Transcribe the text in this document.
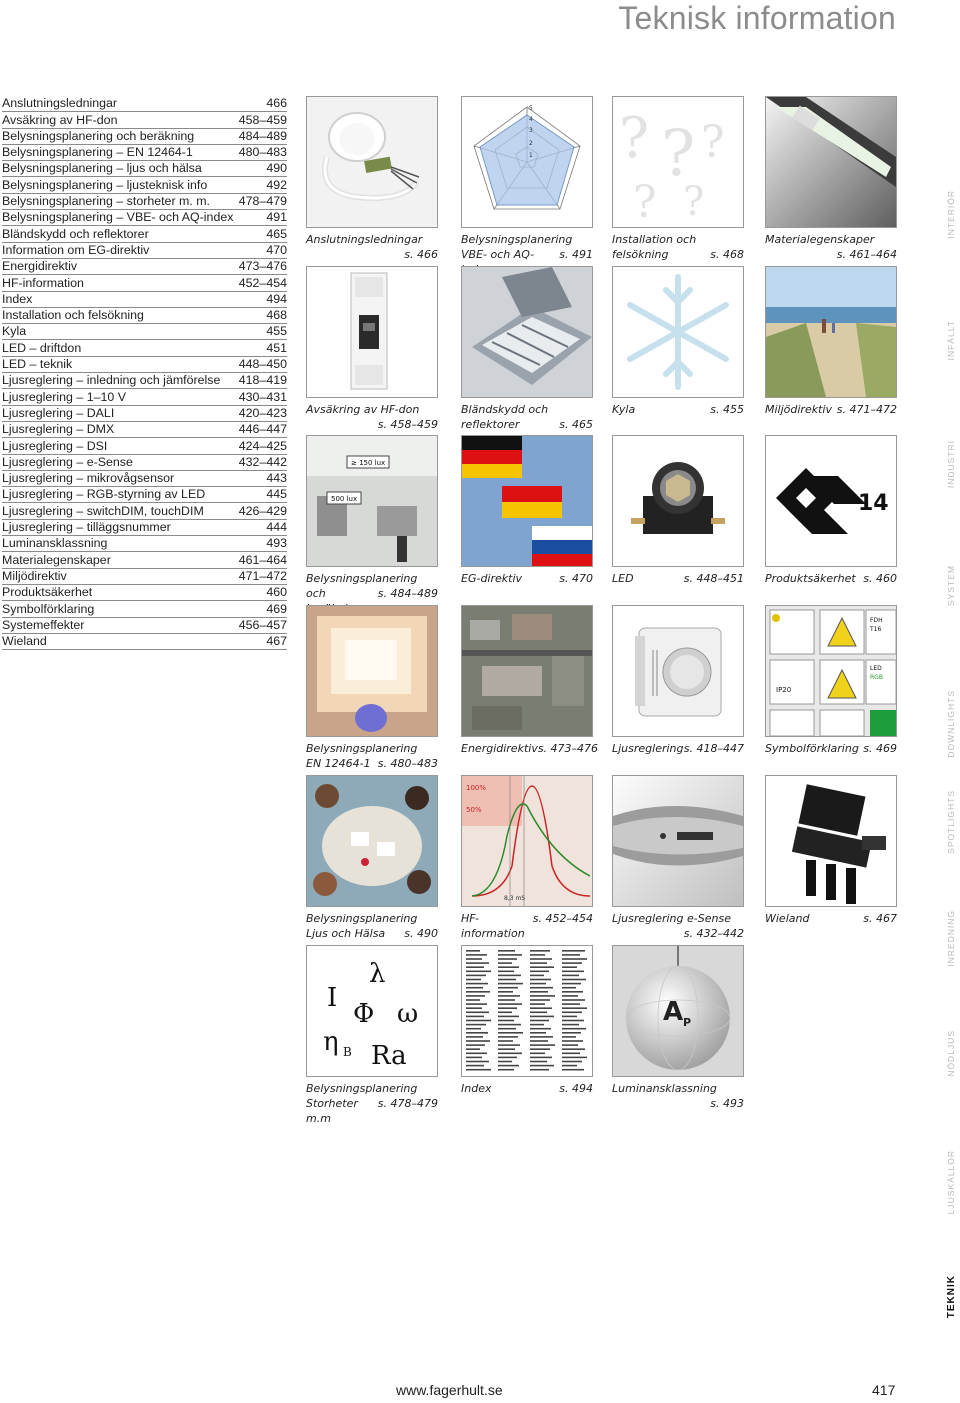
Teknisk information
Anslutningsledningar	466
Avsäkring av HF-don	458–459
Belysningsplanering och beräkning	484–489
Belysningsplanering – EN 12464-1	480–483
Belysningsplanering – ljus och hälsa	490
Belysningsplanering – ljusteknisk info	492
Belysningsplanering – storheter m. m.	478–479
Belysningsplanering – VBE- och AQ-index	491
Bländskydd och reflektorer	465
Information om EG-direktiv	470
Energidirektiv	473–476
HF-information	452–454
Index	494
Installation och felsökning	468
Kyla	455
LED – driftdon	451
LED – teknik	448–450
Ljusreglering – inledning och jämförelse	418–419
Ljusreglering – 1–10 V	430–431
Ljusreglering – DALI	420–423
Ljusreglering – DMX	446–447
Ljusreglering – DSI	424–425
Ljusreglering – e-Sense	432–442
Ljusreglering – mikrovågsensor	443
Ljusreglering – RGB-styrning av LED	445
Ljusreglering – switchDIM, touchDIM	426–429
Ljusreglering – tilläggsnummer	444
Luminansklassning	493
Materialegenskaper	461–464
Miljödirektiv	471–472
Produktsäkerhet	460
Symbolförklaring	469
Systemeffekter	456–457
Wieland	467
Anslutningsledningar
s. 466
5
4
3
2
1
Belysningsplanering
VBE- och AQ-	s. 491
? ? ?
? ?
Installation och
felsökning	s. 468
Materialegenskaper
s. 461–464
Avsäkring av HF-don
s. 458–459
Bländskydd och
reflektorer	s. 465
Kyla	s. 455 Miljödirektiv s. 471–472
≥ 150 lux
500 lux
Belysningsplanering
och	s. 484–489
EG-direktiv	s. 470 LED	s. 448–451
14
Produktsäkerhet s. 460
Belysningsplanering
EN 12464-1 s. 480–483
Energidirektiv s. 473–476 Ljusreglering s. 418–447
FDH
T16
LED
RGB
IP20
Symbolförklaring s. 469
Belysningsplanering
Ljus och Hälsa s. 490
100%
50%
8,3 mS
HF-information
s. 452–454 Ljusreglering e-Sense
s. 432–442
Wieland	s. 467
λ
I
Φ ω
η B Ra
Belysningsplanering
Storheter m.m
s. 478–479
Index	s. 494
A P
Luminansklassning
s. 493
INTERIÖR
INFÄLLT
INDUSTRI
SYSTEM
DOWNLIGHTS
SPOTLIGHTS
INREDNING
NÖDLJUS
LJUSKÄLLOR
TEKNIK
www.fagerhult.se	417
